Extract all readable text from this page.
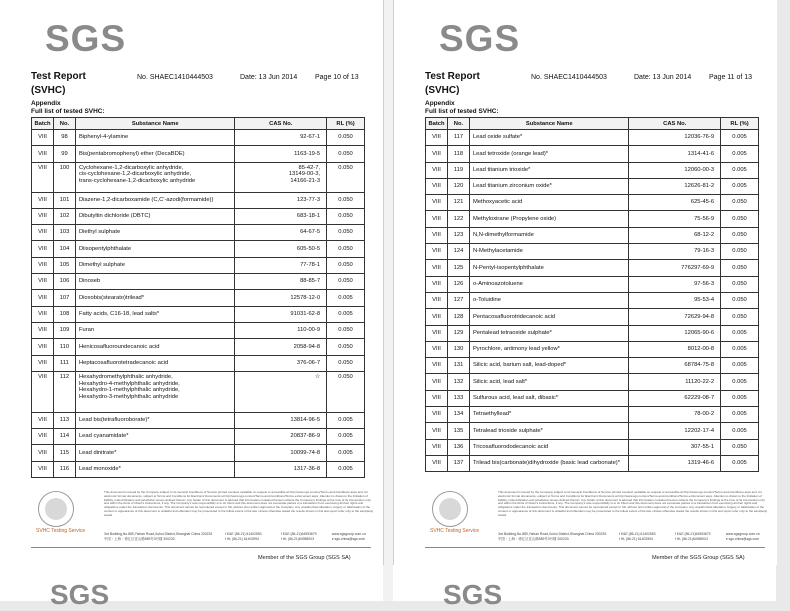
SGS
Test Report
(SVHC)
No. SHAEC1410444503	Date: 13 Jun 2014	Page 10 of 13
Appendix
Full list of tested SVHC:
Batch	No.	Substance Name	CAS No.	RL (%)
VIII	98	Biphenyl-4-ylamine	92-67-1	0.050
VIII	99	Bis(pentabromophenyl) ether (DecaBDE)	1163-19-5	0.050
VIII	100	Cyclohexane-1,2-dicarboxylic anhydride,
cis-cyclohexane-1,2-dicarboxylic anhydride,
trans-cyclohexane-1,2-dicarboxylic anhydride	85-42-7,
13149-00-3,
14166-21-3	0.050
VIII	101	Diazene-1,2-dicarboxamide (C,C'-azodi(formamide))	123-77-3	0.050
VIII	102	Dibutyltin dichloride (DBTC)	683-18-1	0.050
VIII	103	Diethyl sulphate	64-67-5	0.050
VIII	104	Diisopentylphthalate	605-50-5	0.050
VIII	105	Dimethyl sulphate	77-78-1	0.050
VIII	106	Dinoseb	88-85-7	0.050
VIII	107	Dioxobis(stearato)trilead*	12578-12-0	0.005
VIII	108	Fatty acids, C16-18, lead salts*	91031-62-8	0.005
VIII	109	Furan	110-00-9	0.050
VIII	110	Henicosafluoroundecanoic acid	2058-94-8	0.050
VIII	111	Heptacosafluorotetradecanoic acid	376-06-7	0.050
VIII	112	Hexahydromethylphthalic anhydride,
Hexahydro-4-methylphthalic anhydride,
Hexahydro-1-methylphthalic anhydride,
Hexahydro-3-methylphthalic anhydride	☆	0.050
VIII	113	Lead bis(tetrafluoroborate)*	13814-96-5	0.005
VIII	114	Lead cyanamidate*	20837-86-9	0.005
VIII	115	Lead dinitrate*	10099-74-8	0.005
VIII	116	Lead monoxide*	1317-36-8	0.005
SVHC Testing Service
This document is issued by the Company subject to its General Conditions of Service printed overleaf, available on request or accessible at http://www.sgs.com/en/Terms-and-Conditions.aspx and, for electronic format documents, subject to Terms and Conditions for Electronic Documents at http://www.sgs.com/en/Terms-and-Conditions/Terms-e-Document.aspx. Attention is drawn to the limitation of liability, indemnification and jurisdiction issues defined therein. Any holder of this document is advised that information contained hereon reflects the Company's findings at the time of its intervention only and within the limits of Client's instructions, if any. The Company's sole responsibility is to its Client and this document does not exonerate parties to a transaction from exercising all their rights and obligations under the transaction documents. This document cannot be reproduced except in full, without prior written approval of the Company. Any unauthorized alteration, forgery or falsification of the content or appearance of this document is unlawful and offenders may be prosecuted to the fullest extent of the law. Unless otherwise stated the results shown in this test report refer only to the sample(s) tested.
3rd Building,No.889,Yishan Road,Xuhui District,Shanghai China 200233	t E&E (86-21) 61402553	f E&E (86-21)64953679	www.sgsgroup.com.cn
中国・上海・徐汇区宜山路889号3号楼 200233	t HL (86-21) 61402594	f HL (86-21)64958003	e sgs.china@sgs.com
Member of the SGS Group (SGS SA)
SGS
Test Report
(SVHC)
No. SHAEC1410444503	Date: 13 Jun 2014	Page 11 of 13
Appendix
Full list of tested SVHC:
Batch	No.	Substance Name	CAS No.	RL (%)
VIII	117	Lead oxide sulfate*	12036-76-9	0.005
VIII	118	Lead tetroxide (orange lead)*	1314-41-6	0.005
VIII	119	Lead titanium trioxide*	12060-00-3	0.005
VIII	120	Lead titanium zirconium oxide*	12626-81-2	0.005
VIII	121	Methoxyacetic acid	625-45-6	0.050
VIII	122	Methyloxirane (Propylene oxide)	75-56-9	0.050
VIII	123	N,N-dimethylformamide	68-12-2	0.050
VIII	124	N-Methylacetamide	79-16-3	0.050
VIII	125	N-Pentyl-isopentylphthalate	776297-69-9	0.050
VIII	126	o-Aminoazotoluene	97-56-3	0.050
VIII	127	o-Toluidine	95-53-4	0.050
VIII	128	Pentacosafluorotridecanoic acid	72629-94-8	0.050
VIII	129	Pentalead tetraoxide sulphate*	12065-90-6	0.005
VIII	130	Pyrochlore, antimony lead yellow*	8012-00-8	0.005
VIII	131	Silicic acid, barium salt, lead-doped*	68784-75-8	0.005
VIII	132	Silicic acid, lead salt*	11120-22-2	0.005
VIII	133	Sulfurous acid, lead salt, dibasic*	62229-08-7	0.005
VIII	134	Tetraethyllead*	78-00-2	0.005
VIII	135	Tetralead trioxide sulphate*	12202-17-4	0.005
VIII	136	Tricosafluorododecanoic acid	307-55-1	0.050
VIII	137	Trilead bis(carbonate)dihydroxide (basic lead carbonate)*	1319-46-6	0.005
SVHC Testing Service
This document is issued by the Company subject to its General Conditions of Service printed overleaf, available on request or accessible at http://www.sgs.com/en/Terms-and-Conditions.aspx and, for electronic format documents, subject to Terms and Conditions for Electronic Documents at http://www.sgs.com/en/Terms-and-Conditions/Terms-e-Document.aspx. Attention is drawn to the limitation of liability, indemnification and jurisdiction issues defined therein. Any holder of this document is advised that information contained hereon reflects the Company's findings at the time of its intervention only and within the limits of Client's instructions, if any. The Company's sole responsibility is to its Client and this document does not exonerate parties to a transaction from exercising all their rights and obligations under the transaction documents. This document cannot be reproduced except in full, without prior written approval of the Company. Any unauthorized alteration, forgery or falsification of the content or appearance of this document is unlawful and offenders may be prosecuted to the fullest extent of the law. Unless otherwise stated the results shown in this test report refer only to the sample(s) tested.
3rd Building,No.889,Yishan Road,Xuhui District,Shanghai China 200233	t E&E (86-21) 61402553	f E&E (86-21)64953679	www.sgsgroup.com.cn
中国・上海・徐汇区宜山路889号3号楼 200233	t HL (86-21) 61402594	f HL (86-21)64958003	e sgs.china@sgs.com
Member of the SGS Group (SGS SA)
SGS	SGS
